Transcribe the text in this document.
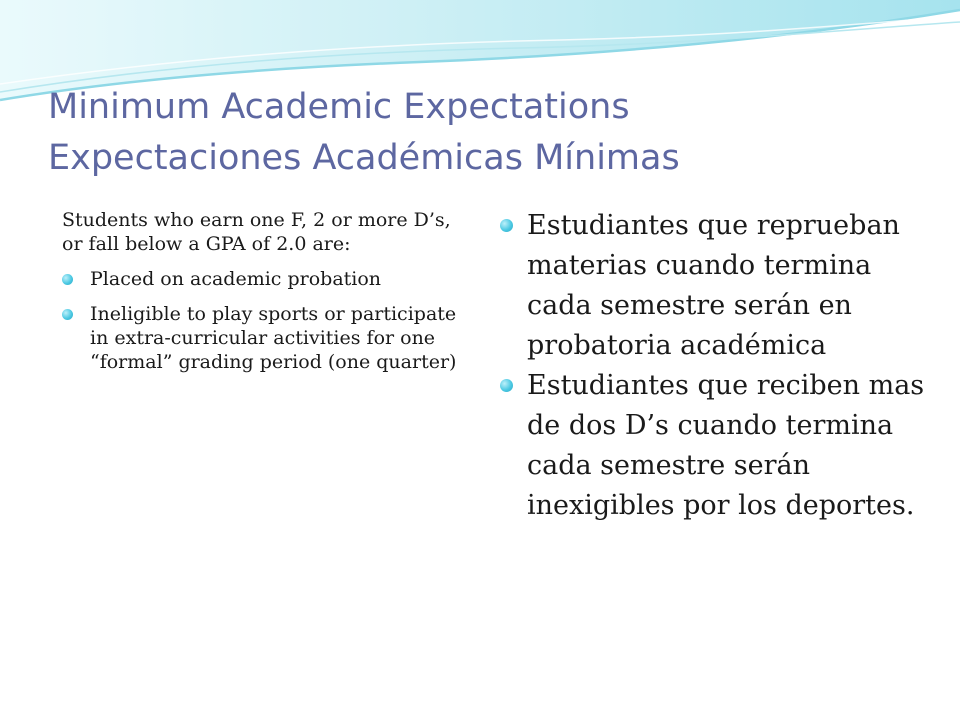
Minimum Academic Expectations
Expectaciones Académicas Mínimas
Students who earn one F, 2 or more D’s, or fall below a GPA of 2.0 are:
Placed on academic probation
Ineligible to play sports or participate in extra-curricular activities for one “formal” grading period (one quarter)
Estudiantes que reprueban materias cuando termina cada semestre serán en probatoria académica
Estudiantes que reciben mas de dos D’s cuando termina cada semestre serán inexigibles por los deportes.
